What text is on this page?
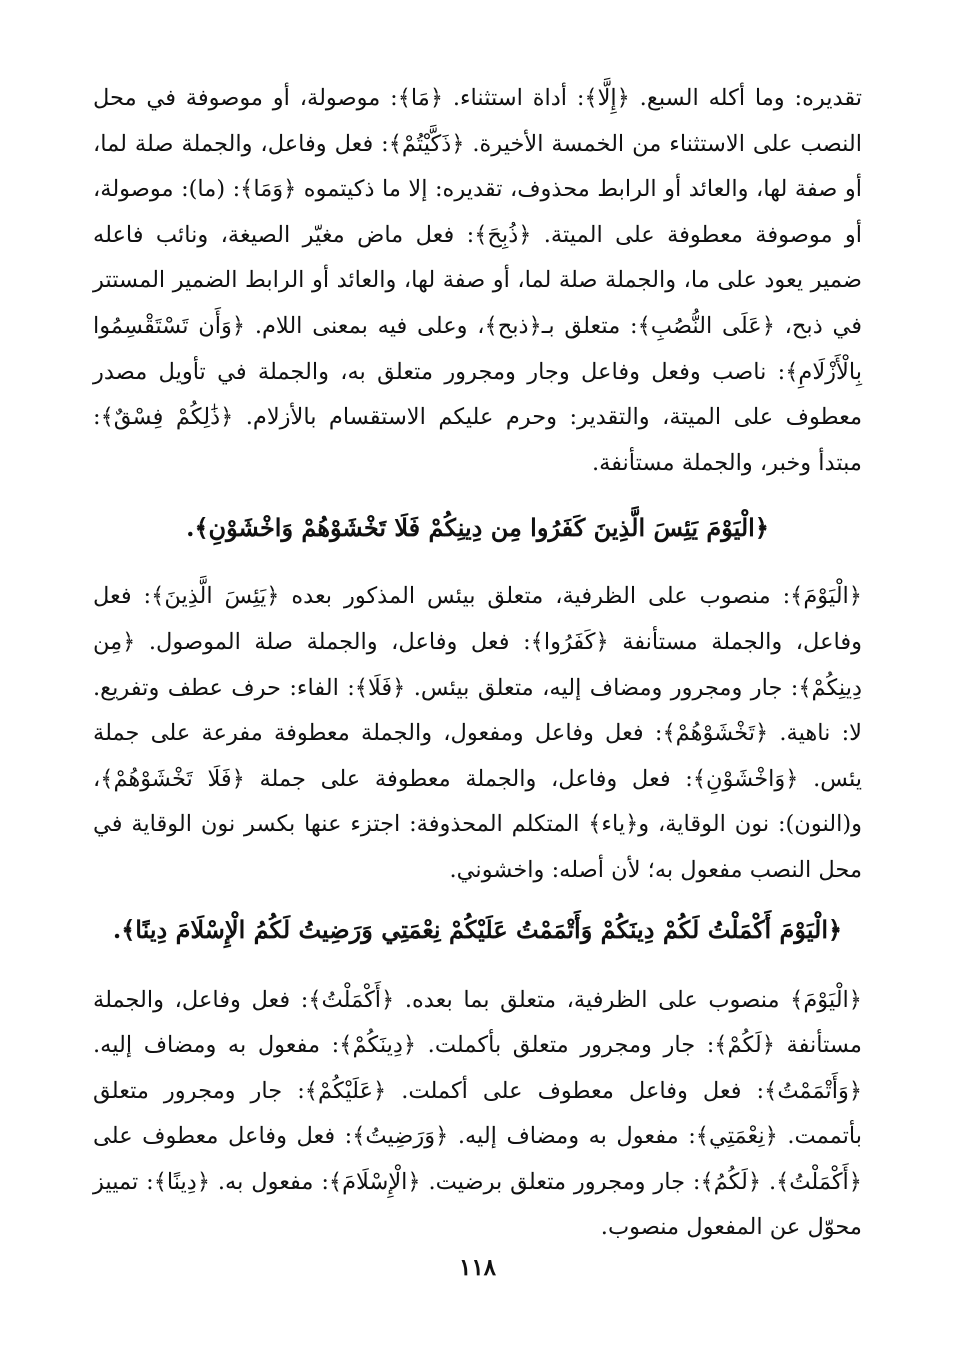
تقديره: وما أكله السبع. ﴿إِلَّا﴾: أداة استثناء. ﴿مَا﴾: موصولة، أو موصوفة في محل النصب على الاستثناء من الخمسة الأخيرة. ﴿ذَكَّيْتُمْ﴾: فعل وفاعل، والجملة صلة لما، أو صفة لها، والعائد أو الرابط محذوف، تقديره: إلا ما ذكيتموه ﴿وَمَا﴾: (ما): موصولة، أو موصوفة معطوفة على الميتة. ﴿ذُبِحَ﴾: فعل ماض مغيّر الصيغة، ونائب فاعله ضمير يعود على ما، والجملة صلة لما، أو صفة لها، والعائد أو الرابط الضمير المستتر في ذبح، ﴿عَلَى النُّصُبِ﴾: متعلق بـ﴿ذبح﴾، وعلى فيه بمعنى اللام. ﴿وَأَن تَسْتَقْسِمُوا بِالْأَزْلَامِ﴾: ناصب وفعل وفاعل وجار ومجرور متعلق به، والجملة في تأويل مصدر معطوف على الميتة، والتقدير: وحرم عليكم الاستقسام بالأزلام. ﴿ذَٰلِكُمْ فِسْقٌ﴾: مبتدأ وخبر، والجملة مستأنفة.

﴿الْيَوْمَ يَئِسَ الَّذِينَ كَفَرُوا مِن دِينِكُمْ فَلَا تَخْشَوْهُمْ وَاخْشَوْنِ﴾.

﴿الْيَوْمَ﴾: منصوب على الظرفية، متعلق بيئس المذكور بعده ﴿يَئِسَ الَّذِينَ﴾: فعل وفاعل، والجملة مستأنفة ﴿كَفَرُوا﴾: فعل وفاعل، والجملة صلة الموصول. ﴿مِن دِينِكُمْ﴾: جار ومجرور ومضاف إليه، متعلق بيئس. ﴿فَلَا﴾: الفاء: حرف عطف وتفريع. لا: ناهية. ﴿تَخْشَوْهُمْ﴾: فعل وفاعل ومفعول، والجملة معطوفة مفرعة على جملة يئس. ﴿وَاخْشَوْنِ﴾: فعل وفاعل، والجملة معطوفة على جملة ﴿فَلَا تَخْشَوْهُمْ﴾، و(النون): نون الوقاية، و﴿ياء﴾ المتكلم المحذوفة: اجتزء عنها بكسر نون الوقاية في محل النصب مفعول به؛ لأن أصله: واخشوني.

﴿الْيَوْمَ أَكْمَلْتُ لَكُمْ دِينَكُمْ وَأَتْمَمْتُ عَلَيْكُمْ نِعْمَتِي وَرَضِيتُ لَكُمُ الْإِسْلَامَ دِينًا﴾.

﴿الْيَوْمَ﴾ منصوب على الظرفية، متعلق بما بعده. ﴿أَكْمَلْتُ﴾: فعل وفاعل، والجملة مستأنفة ﴿لَكُمْ﴾: جار ومجرور متعلق بأكملت. ﴿دِينَكُمْ﴾: مفعول به ومضاف إليه. ﴿وَأَتْمَمْتُ﴾: فعل وفاعل معطوف على أكملت. ﴿عَلَيْكُمْ﴾: جار ومجرور متعلق بأتممت. ﴿نِعْمَتِي﴾: مفعول به ومضاف إليه. ﴿وَرَضِيتُ﴾: فعل وفاعل معطوف على ﴿أَكْمَلْتُ﴾. ﴿لَكُمُ﴾: جار ومجرور متعلق برضيت. ﴿الْإِسْلَامَ﴾: مفعول به. ﴿دِينًا﴾: تمييز محوّل عن المفعول منصوب.

١١٨
